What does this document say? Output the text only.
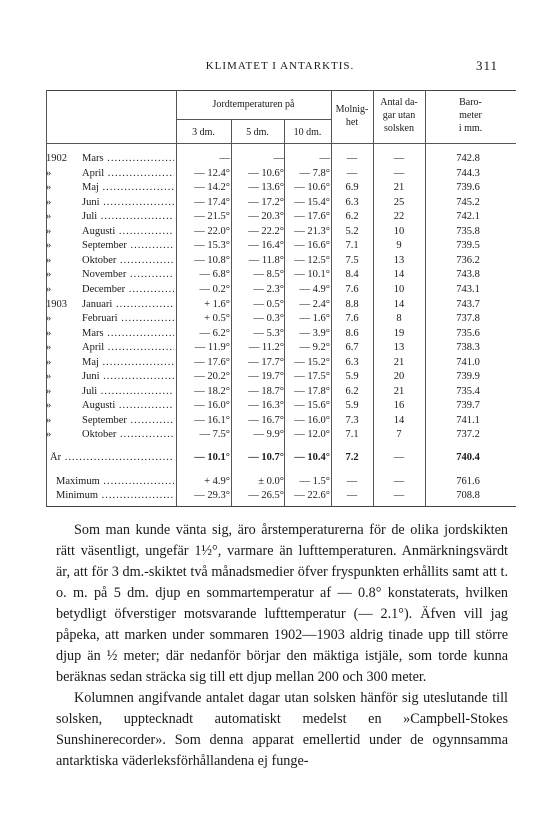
KLIMATET I ANTARKTIS.	311
Jordtemperaturen på
3 dm.	5 dm.	10 dm.
Molnig-
het
Antal da-
gar utan
solsken
Baro-
meter
i mm.
1902	Mars .....	—	—	—	—	—	742.8
»	April .....	— 12.4°	— 10.6°	— 7.8°	—	—	744.3
»	Maj .....	— 14.2°	— 13.6° — 10.6°	6.9	21	739.6
»	Juni .....	— 17.4°	— 17.2° — 15.4°	6.3	25	745.2
»	Juli .....	— 21.5°	— 20.3° — 17.6°	6.2	22	742.1
»	Augusti .....	— 22.0°	— 22.2° — 21.3°	5.2	10	735.8
»	September .....	— 15.3°	— 16.4° — 16.6°	7.1	9	739.5
»	Oktober .....	— 10.8°	— 11.8° — 12.5°	7.5	13	736.2
»	November .....	— 6.8°	— 8.5° — 10.1°	8.4	14	743.8
»	December .....	— 0.2°	— 2.3°	— 4.9°	7.6	10	743.1
1903	Januari .....	+ 1.6°	— 0.5°	— 2.4°	8.8	14	743.7
»	Februari .....	+ 0.5°	— 0.3°	— 1.6°	7.6	8	737.8
»	Mars .....	— 6.2°	— 5.3°	— 3.9°	8.6	19	735.6
»	April .....	— 11.9°	— 11.2°	— 9.2°	6.7	13	738.3
»	Maj .....	— 17.6°	— 17.7° — 15.2°	6.3	21	741.0
»	Juni .....	— 20.2°	— 19.7° — 17.5°	5.9	20	739.9
»	Juli .....	— 18.2°	— 18.7° — 17.8°	6.2	21	735.4
»	Augusti .....	— 16.0°	— 16.3° — 15.6°	5.9	16	739.7
»	September .....	— 16.1°	— 16.7° — 16.0°	7.3	14	741.1
»	Oktober .....	— 7.5°	— 9.9° — 12.0°	7.1	7	737.2
År .....	— 10.1°	— 10.7° — 10.4°	7.2	—	740.4
Maximum .....	+ 4.9°	± 0.0°	— 1.5°	—	—	761.6
Minimum .....	— 29.3°	— 26.5° — 22.6°	—	—	708.8

Som man kunde vänta sig, äro årstemperaturerna för de olika jordskikten rätt väsentligt, ungefär 1½°, varmare än lufttemperaturen. Anmärkningsvärdt är, att för 3 dm.-skiktet två månadsmedier öfver fryspunkten erhållits samt att t. o. m. på 5 dm. djup en sommartemperatur af — 0.8° konstaterats, hvilken betydligt öfverstiger motsvarande lufttemperatur (— 2.1°). Äfven vill jag påpeka, att marken under sommaren 1902—1903 aldrig tinade upp till större djup än ½ meter; där nedanför börjar den mäktiga istjäle, som torde kunna beräknas sedan sträcka sig till ett djup mellan 200 och 300 meter.

Kolumnen angifvande antalet dagar utan solsken hänför sig uteslutande till solsken, upptecknadt automatiskt medelst en »Campbell-Stokes Sunshinerecorder». Som denna apparat emellertid under de ogynnsamma antarktiska väderleksförhållandena ej funge-
